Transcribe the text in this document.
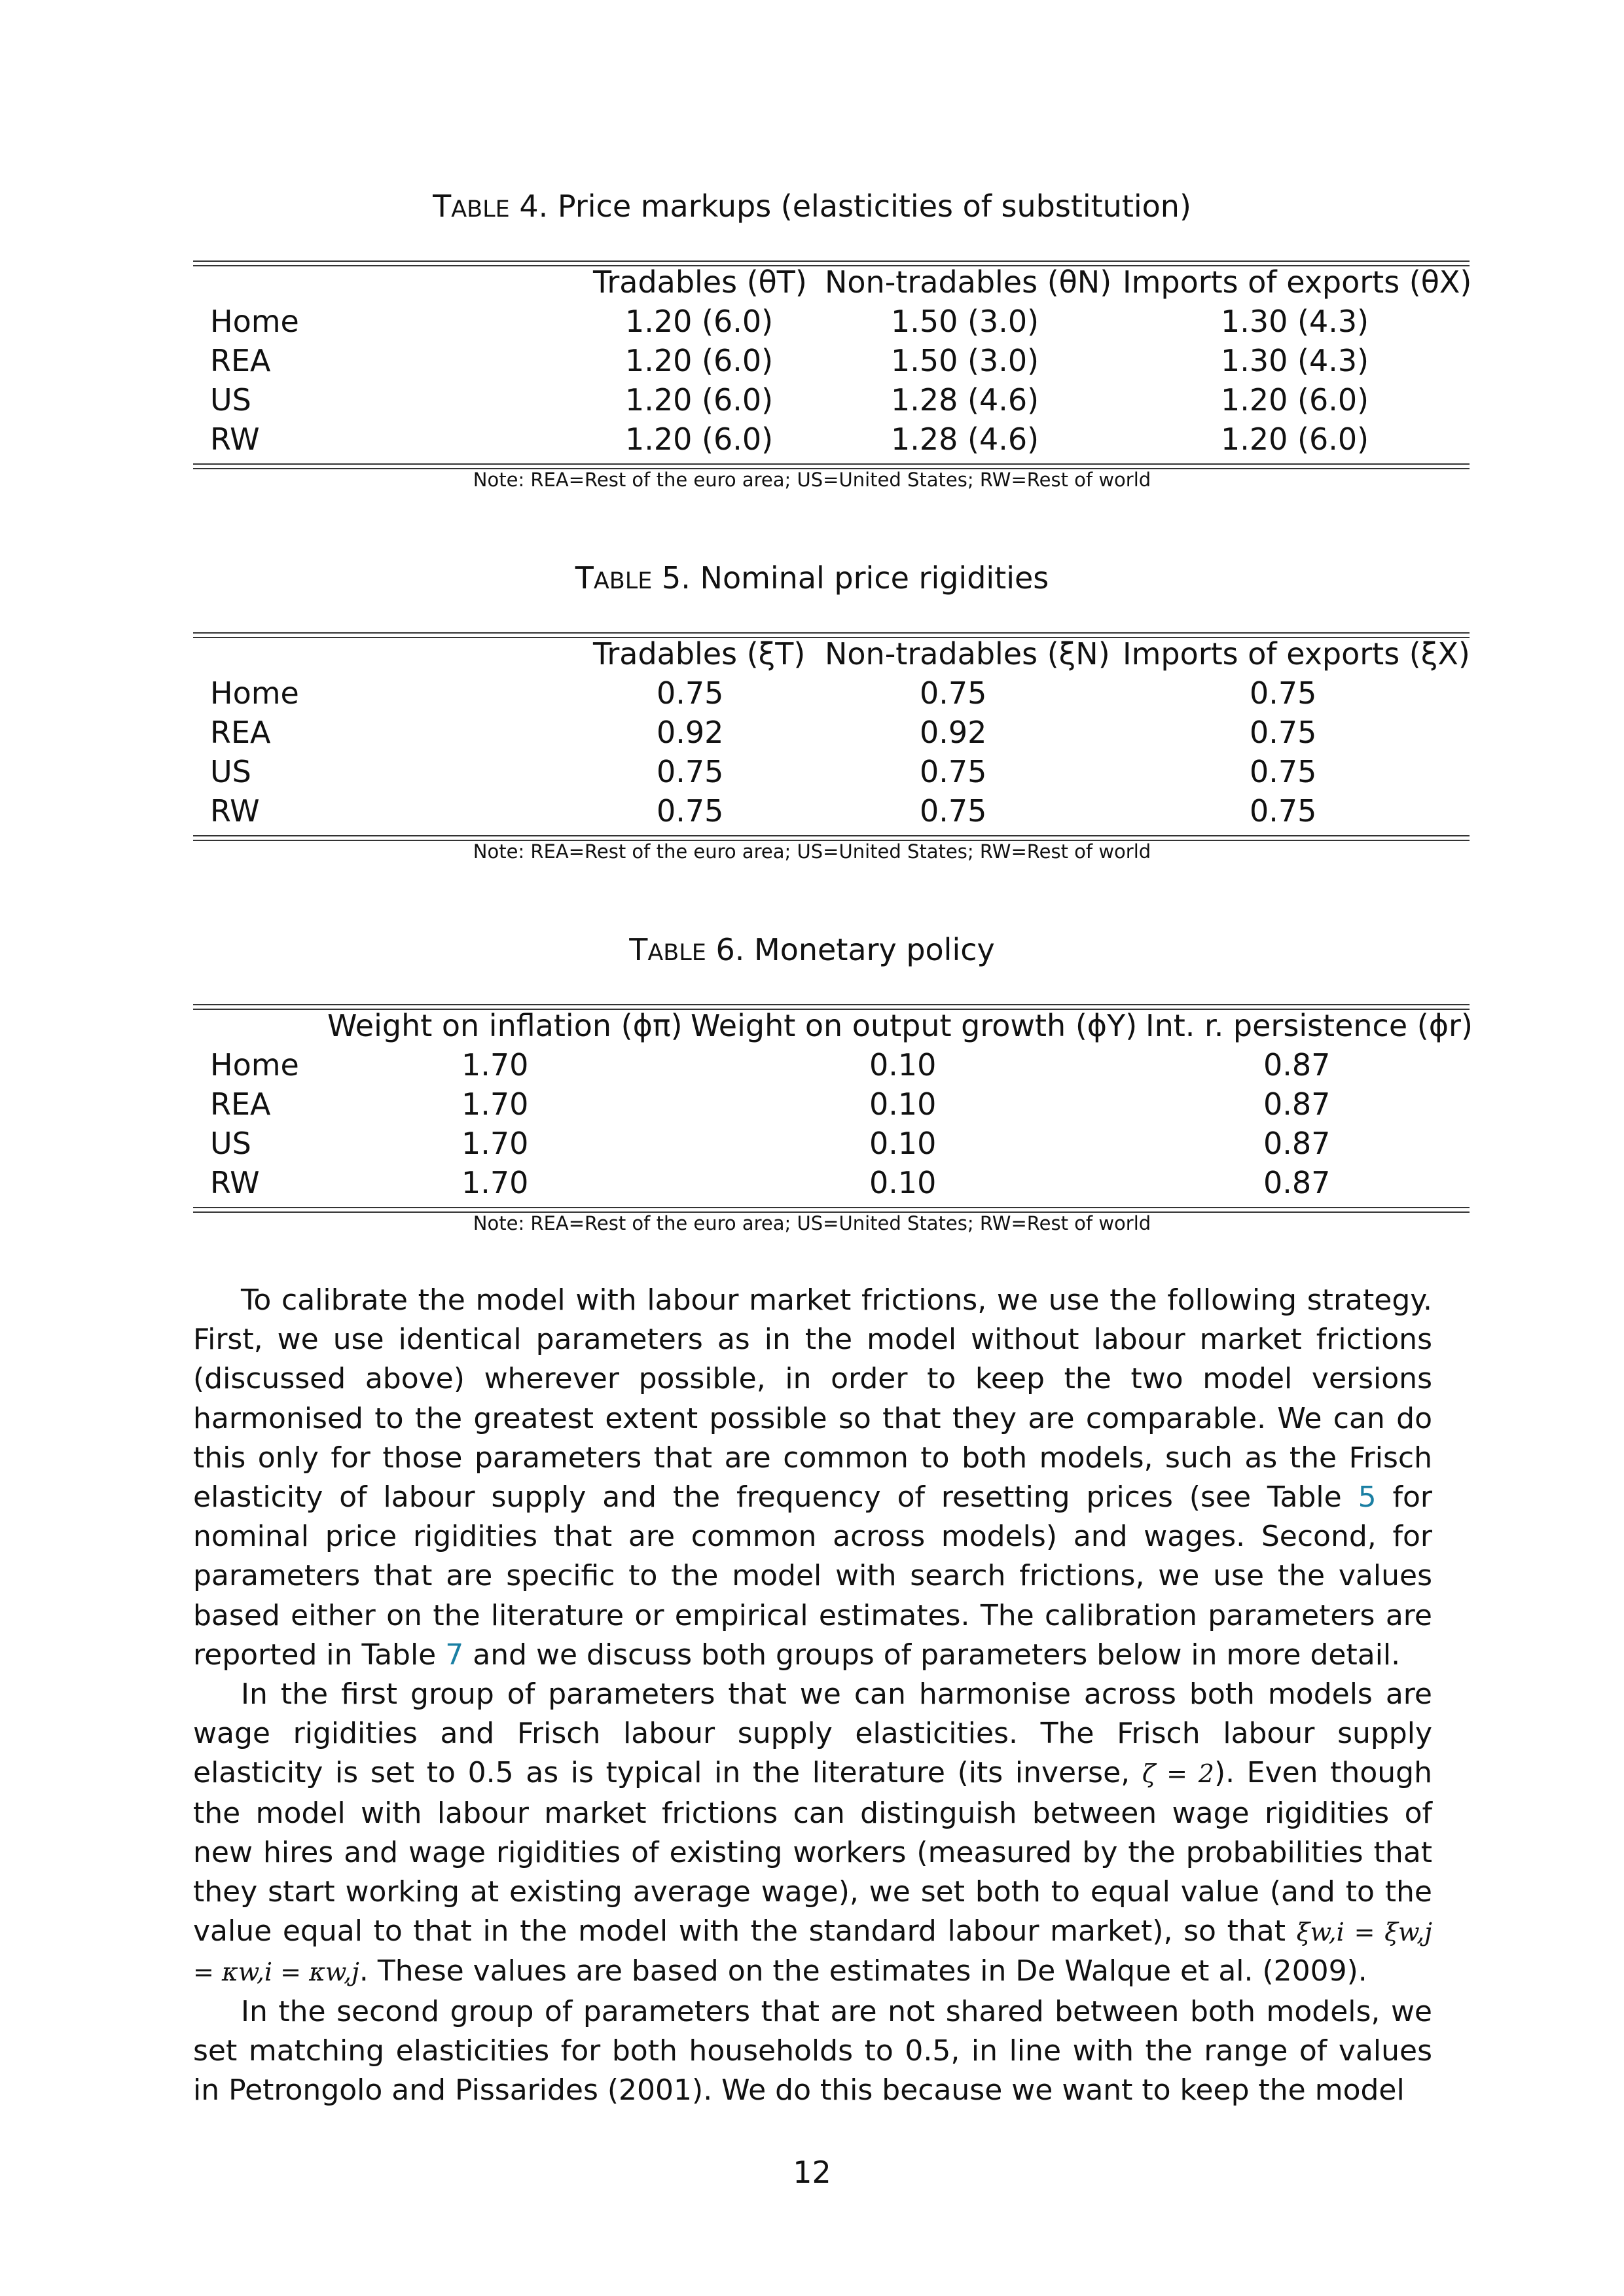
TABLE 4. Price markups (elasticities of substitution)
Tradables (θT) Non-tradables (θN) Imports of exports (θX)
Home	1.20 (6.0)	1.50 (3.0)	1.30 (4.3)
REA	1.20 (6.0)	1.50 (3.0)	1.30 (4.3)
US	1.20 (6.0)	1.28 (4.6)	1.20 (6.0)
RW	1.20 (6.0)	1.28 (4.6)	1.20 (6.0)
Note: REA=Rest of the euro area; US=United States; RW=Rest of world
TABLE 5. Nominal price rigidities
Tradables (ξT) Non-tradables (ξN) Imports of exports (ξX)
Home	0.75	0.75	0.75
REA	0.92	0.92	0.75
US	0.75	0.75	0.75
RW	0.75	0.75	0.75
Note: REA=Rest of the euro area; US=United States; RW=Rest of world
TABLE 6. Monetary policy
Weight on inflation (ϕπ) Weight on output growth (ϕY) Int. r. persistence (ϕr)
Home	1.70	0.10	0.87
REA	1.70	0.10	0.87
US	1.70	0.10	0.87
RW	1.70	0.10	0.87
Note: REA=Rest of the euro area; US=United States; RW=Rest of world

To calibrate the model with labour market frictions, we use the following strategy. First, we use identical parameters as in the model without labour market frictions (discussed above) wherever possible, in order to keep the two model versions harmonised to the greatest extent possible so that they are comparable. We can do this only for those parameters that are common to both models, such as the Frisch elasticity of labour supply and the frequency of resetting prices (see Table 5 for nominal price rigidities that are common across models) and wages. Second, for parameters that are specific to the model with search frictions, we use the values based either on the literature or empirical estimates. The calibration parameters are reported in Table 7 and we discuss both groups of parameters below in more detail.

In the first group of parameters that we can harmonise across both models are wage rigidities and Frisch labour supply elasticities. The Frisch labour supply elasticity is set to 0.5 as is typical in the literature (its inverse, ζ = 2). Even though the model with labour market frictions can distinguish between wage rigidities of new hires and wage rigidities of existing workers (measured by the probabilities that they start working at existing average wage), we set both to equal value (and to the value equal to that in the model with the standard labour market), so that ξw,i = ξw,j = κw,i = κw,j. These values are based on the estimates in De Walque et al. (2009).

In the second group of parameters that are not shared between both models, we set matching elasticities for both households to 0.5, in line with the range of values in Petrongolo and Pissarides (2001). We do this because we want to keep the model

12
